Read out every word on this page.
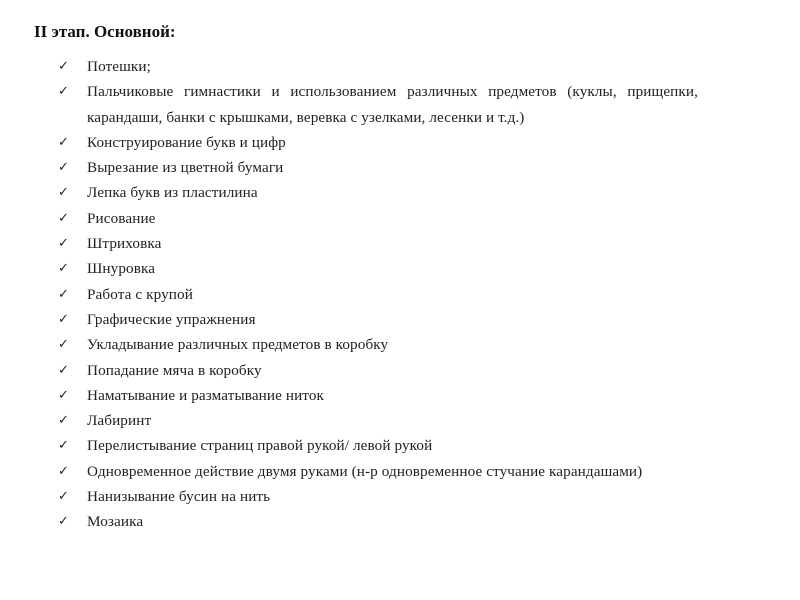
II этап. Основной:
✓	Потешки;
✓	Пальчиковые гимнастики и использованием различных предметов (куклы, прищепки, карандаши, банки с крышками, веревка с узелками, лесенки и т.д.)
✓	Конструирование букв и цифр
✓	Вырезание из цветной бумаги
✓	Лепка букв из пластилина
✓	Рисование
✓	Штриховка
✓	Шнуровка
✓	Работа с крупой
✓	Графические упражнения
✓	Укладывание различных предметов в коробку
✓	Попадание мяча в коробку
✓	Наматывание и разматывание ниток
✓	Лабиринт
✓	Перелистывание страниц правой рукой/ левой рукой
✓	Одновременное действие двумя руками (н-р одновременное стучание карандашами)
✓	Нанизывание бусин на нить
✓	Мозаика
